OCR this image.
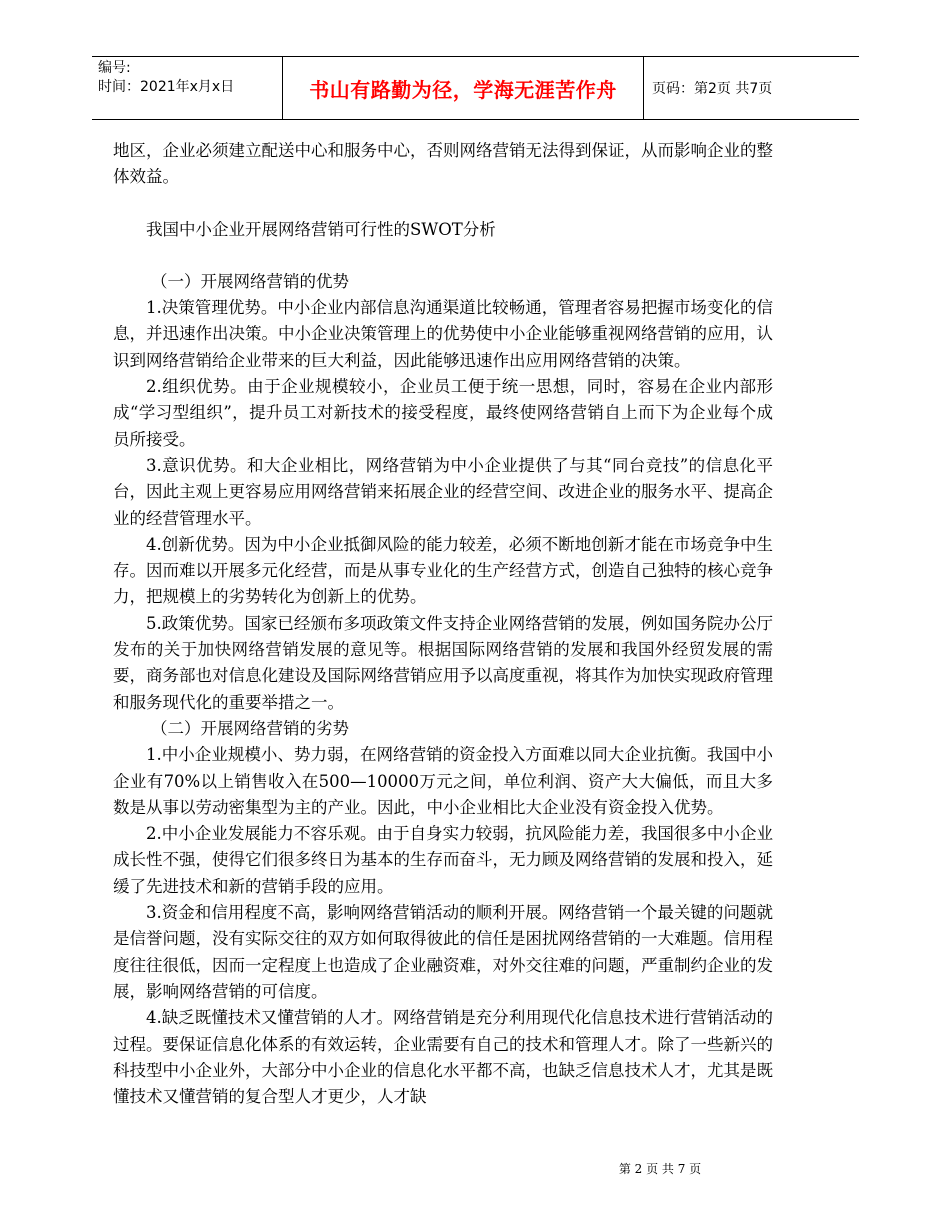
编号:
时间：2021年x月x日	书山有路勤为径，学海无涯苦作舟	页码：第2页 共7页

地区，企业必须建立配送中心和服务中心，否则网络营销无法得到保证，从而影响企业的整体效益。

我国中小企业开展网络营销可行性的SWOT分析

（一）开展网络营销的优势

1.决策管理优势。中小企业内部信息沟通渠道比较畅通，管理者容易把握市场变化的信息，并迅速作出决策。中小企业决策管理上的优势使中小企业能够重视网络营销的应用，认识到网络营销给企业带来的巨大利益，因此能够迅速作出应用网络营销的决策。

2.组织优势。由于企业规模较小，企业员工便于统一思想，同时，容易在企业内部形成“学习型组织”，提升员工对新技术的接受程度，最终使网络营销自上而下为企业每个成员所接受。

3.意识优势。和大企业相比，网络营销为中小企业提供了与其“同台竞技”的信息化平台，因此主观上更容易应用网络营销来拓展企业的经营空间、改进企业的服务水平、提高企业的经营管理水平。

4.创新优势。因为中小企业抵御风险的能力较差，必须不断地创新才能在市场竞争中生存。因而难以开展多元化经营，而是从事专业化的生产经营方式，创造自己独特的核心竞争力，把规模上的劣势转化为创新上的优势。

5.政策优势。国家已经颁布多项政策文件支持企业网络营销的发展，例如国务院办公厅发布的关于加快网络营销发展的意见等。根据国际网络营销的发展和我国外经贸发展的需要，商务部也对信息化建设及国际网络营销应用予以高度重视，将其作为加快实现政府管理和服务现代化的重要举措之一。

（二）开展网络营销的劣势

1.中小企业规模小、势力弱，在网络营销的资金投入方面难以同大企业抗衡。我国中小企业有70%以上销售收入在500—10000万元之间，单位利润、资产大大偏低，而且大多数是从事以劳动密集型为主的产业。因此，中小企业相比大企业没有资金投入优势。

2.中小企业发展能力不容乐观。由于自身实力较弱，抗风险能力差，我国很多中小企业成长性不强，使得它们很多终日为基本的生存而奋斗，无力顾及网络营销的发展和投入，延缓了先进技术和新的营销手段的应用。

3.资金和信用程度不高，影响网络营销活动的顺利开展。网络营销一个最关键的问题就是信誉问题，没有实际交往的双方如何取得彼此的信任是困扰网络营销的一大难题。信用程度往往很低，因而一定程度上也造成了企业融资难，对外交往难的问题，严重制约企业的发展，影响网络营销的可信度。

4.缺乏既懂技术又懂营销的人才。网络营销是充分利用现代化信息技术进行营销活动的过程。要保证信息化体系的有效运转，企业需要有自己的技术和管理人才。除了一些新兴的科技型中小企业外，大部分中小企业的信息化水平都不高，也缺乏信息技术人才，尤其是既懂技术又懂营销的复合型人才更少，人才缺

第 2 页 共 7 页
